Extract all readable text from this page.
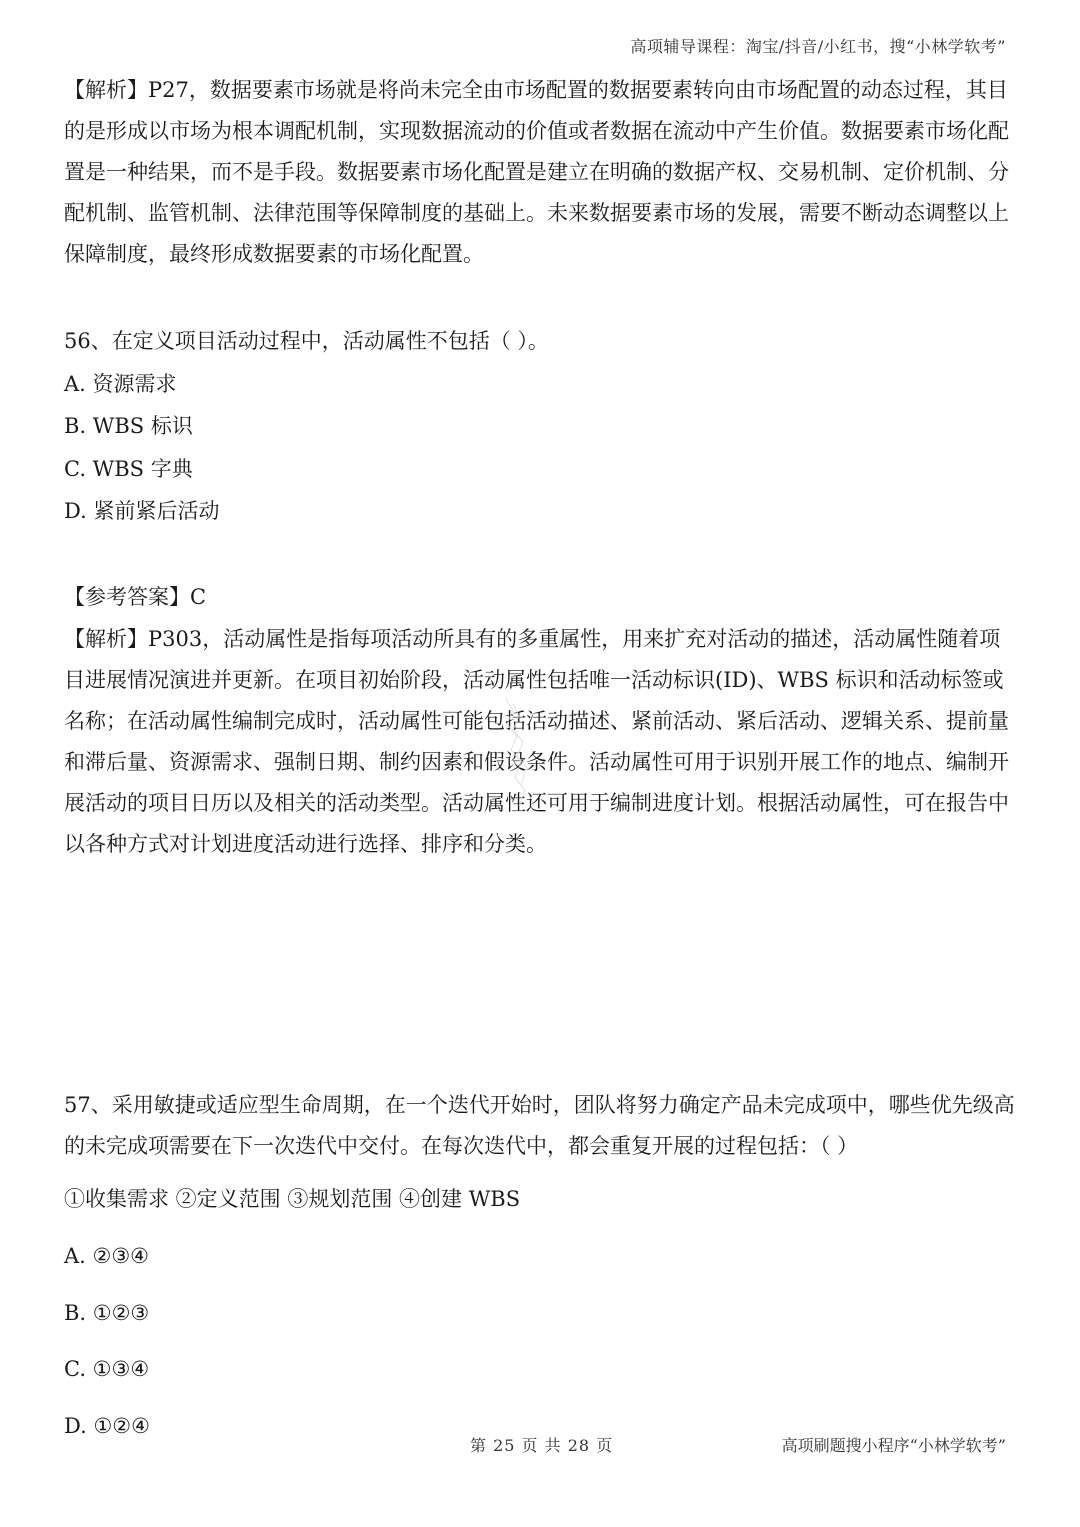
高项辅导课程：淘宝/抖音/小红书，搜“小林学软考”

【解析】P27，数据要素市场就是将尚未完全由市场配置的数据要素转向由市场配置的动态过程，其目的是形成以市场为根本调配机制，实现数据流动的价值或者数据在流动中产生价值。数据要素市场化配置是一种结果，而不是手段。数据要素市场化配置是建立在明确的数据产权、交易机制、定价机制、分配机制、监管机制、法律范围等保障制度的基础上。未来数据要素市场的发展，需要不断动态调整以上保障制度，最终形成数据要素的市场化配置。

56、在定义项目活动过程中，活动属性不包括（ ）。

A. 资源需求

B. WBS 标识

C. WBS 字典

D. 紧前紧后活动

【参考答案】C

【解析】P303，活动属性是指每项活动所具有的多重属性，用来扩充对活动的描述，活动属性随着项目进展情况演进并更新。在项目初始阶段，活动属性包括唯一活动标识(ID)、WBS 标识和活动标签或名称；在活动属性编制完成时，活动属性可能包括活动描述、紧前活动、紧后活动、逻辑关系、提前量和滞后量、资源需求、强制日期、制约因素和假设条件。活动属性可用于识别开展工作的地点、编制开展活动的项目日历以及相关的活动类型。活动属性还可用于编制进度计划。根据活动属性，可在报告中以各种方式对计划进度活动进行选择、排序和分类。

57、采用敏捷或适应型生命周期，在一个迭代开始时，团队将努力确定产品未完成项中，哪些优先级高的未完成项需要在下一次迭代中交付。在每次迭代中，都会重复开展的过程包括：（ ）

①收集需求 ②定义范围 ③规划范围 ④创建 WBS

A. ②③④

B. ①②③

C. ①③④

D. ①②④

第 25 页 共 28 页	高项刷题搜小程序“小林学软考”
